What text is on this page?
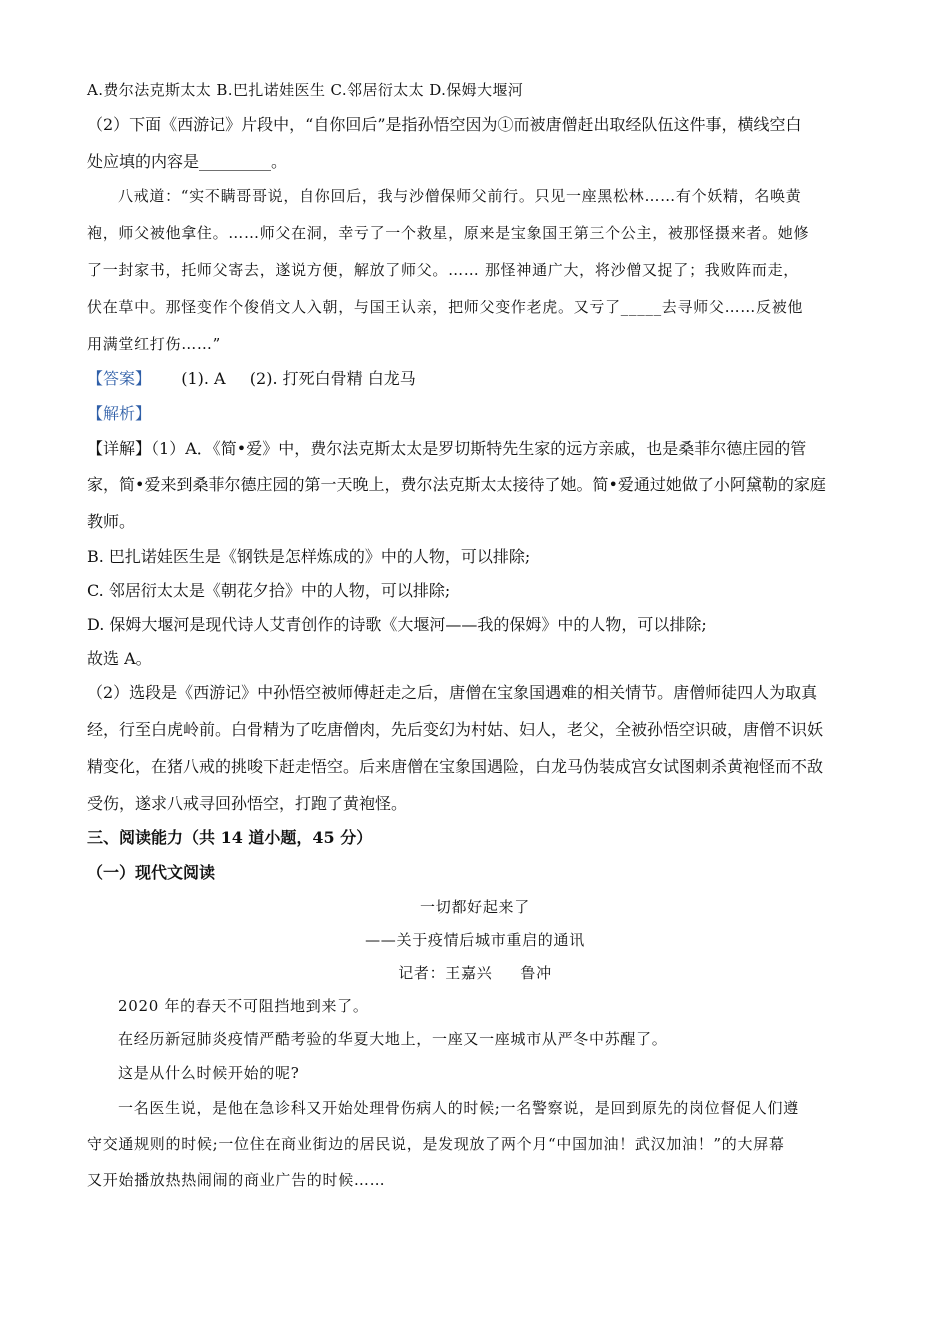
A.费尔法克斯太太 B.巴扎诺娃医生 C.邻居衍太太 D.保姆大堰河
（2）下面《西游记》片段中，“自你回后”是指孙悟空因为①而被唐僧赶出取经队伍这件事，横线空白
处应填的内容是_________。
八戒道：“实不瞒哥哥说，自你回后，我与沙僧保师父前行。只见一座黑松林……有个妖精，名唤黄
袍，师父被他拿住。……师父在洞，幸亏了一个救星，原来是宝象国王第三个公主，被那怪摄来者。她修
了一封家书，托师父寄去，遂说方便，解放了师父。…… 那怪神通广大，将沙僧又捉了；我败阵而走，
伏在草中。那怪变作个俊俏文人入朝，与国王认亲，把师父变作老虎。又亏了_____去寻师父……反被他
用满堂红打伤……”
【答案】 (1). A (2). 打死白骨精 白龙马
【解析】
【详解】（1）A．《简•爱》中，费尔法克斯太太是罗切斯特先生家的远方亲戚，也是桑菲尔德庄园的管
家，简•爱来到桑菲尔德庄园的第一天晚上，费尔法克斯太太接待了她。简•爱通过她做了小阿黛勒的家庭
教师。
B. 巴扎诺娃医生是《钢铁是怎样炼成的》中的人物，可以排除;
C. 邻居衍太太是《朝花夕拾》中的人物，可以排除;
D. 保姆大堰河是现代诗人艾青创作的诗歌《大堰河——我的保姆》中的人物，可以排除;
故选 A。
（2）选段是《西游记》中孙悟空被师傅赶走之后，唐僧在宝象国遇难的相关情节。唐僧师徒四人为取真
经，行至白虎岭前。白骨精为了吃唐僧肉，先后变幻为村姑、妇人，老父，全被孙悟空识破，唐僧不识妖
精变化，在猪八戒的挑唆下赶走悟空。后来唐僧在宝象国遇险，白龙马伪装成宫女试图刺杀黄袍怪而不敌
受伤，遂求八戒寻回孙悟空，打跑了黄袍怪。
三、阅读能力（共 14 道小题，45 分）
（一）现代文阅读
一切都好起来了
——关于疫情后城市重启的通讯
记者：王嘉兴 鲁冲
2020 年的春天不可阻挡地到来了。
在经历新冠肺炎疫情严酷考验的华夏大地上，一座又一座城市从严冬中苏醒了。
这是从什么时候开始的呢?
一名医生说，是他在急诊科又开始处理骨伤病人的时候;一名警察说，是回到原先的岗位督促人们遵
守交通规则的时候;一位住在商业街边的居民说，是发现放了两个月“中国加油！武汉加油！”的大屏幕
又开始播放热热闹闹的商业广告的时候……
